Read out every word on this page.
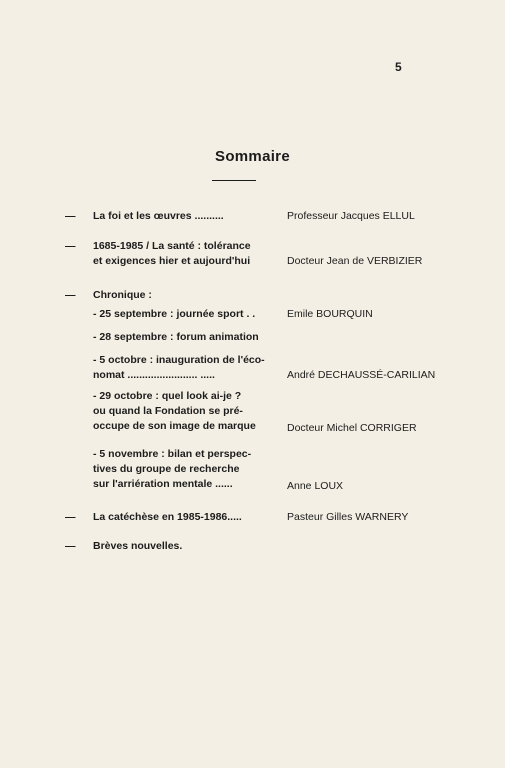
5
Sommaire
— La foi et les œuvres ..........	Professeur Jacques ELLUL
— 1685-1985 / La santé : tolérance
et exigences hier et aujourd'hui	Docteur Jean de VERBIZIER
— Chronique :
- 25 septembre : journée sport . .	Emile BOURQUIN
- 28 septembre : forum animation
- 5 octobre : inauguration de l'éco-
nomat ........................ .....	André DECHAUSSÉ-CARILIAN
- 29 octobre : quel look ai-je ?
ou quand la Fondation se pré-
occupe de son image de marque	Docteur Michel CORRIGER
- 5 novembre : bilan et perspec-
tives du groupe de recherche
sur l'arriération mentale ......	Anne LOUX
— La catéchèse en 1985-1986.....	Pasteur Gilles WARNERY
— Brèves nouvelles.
